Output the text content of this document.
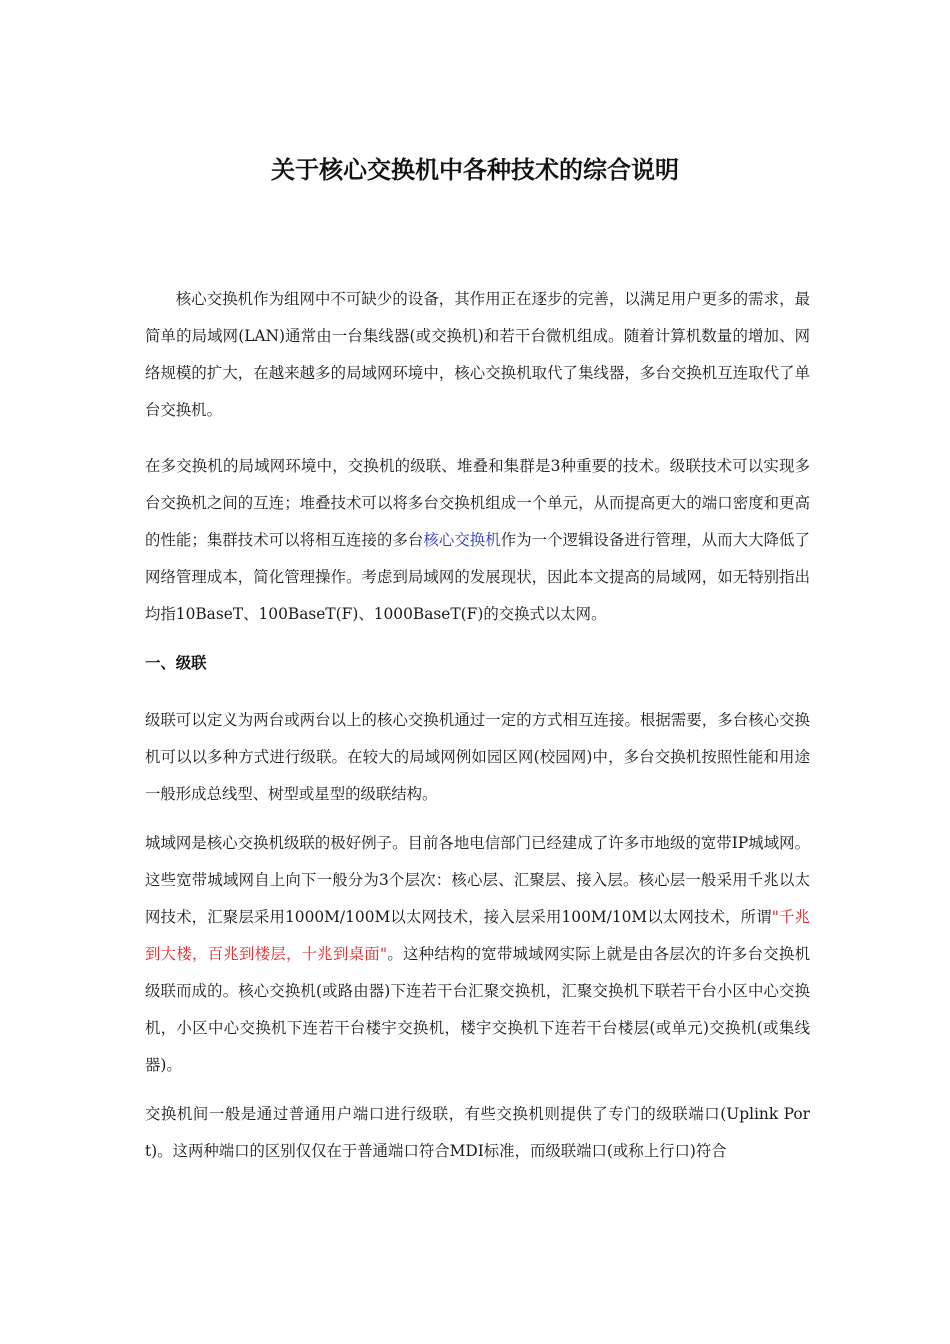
关于核心交换机中各种技术的综合说明

核心交换机作为组网中不可缺少的设备，其作用正在逐步的完善，以满足用户更多的需求，最简单的局域网(LAN)通常由一台集线器(或交换机)和若干台微机组成。随着计算机数量的增加、网络规模的扩大，在越来越多的局域网环境中，核心交换机取代了集线器，多台交换机互连取代了单台交换机。

在多交换机的局域网环境中，交换机的级联、堆叠和集群是3种重要的技术。级联技术可以实现多台交换机之间的互连；堆叠技术可以将多台交换机组成一个单元，从而提高更大的端口密度和更高的性能；集群技术可以将相互连接的多台核心交换机作为一个逻辑设备进行管理，从而大大降低了网络管理成本，简化管理操作。考虑到局域网的发展现状，因此本文提高的局域网，如无特别指出均指10BaseT、100BaseT(F)、1000BaseT(F)的交换式以太网。

一、级联

级联可以定义为两台或两台以上的核心交换机通过一定的方式相互连接。根据需要，多台核心交换机可以以多种方式进行级联。在较大的局域网例如园区网(校园网)中，多台交换机按照性能和用途一般形成总线型、树型或星型的级联结构。

城域网是核心交换机级联的极好例子。目前各地电信部门已经建成了许多市地级的宽带IP城域网。这些宽带城域网自上向下一般分为3个层次：核心层、汇聚层、接入层。核心层一般采用千兆以太网技术，汇聚层采用1000M/100M以太网技术，接入层采用100M/10M以太网技术，所谓"千兆到大楼，百兆到楼层，十兆到桌面"。这种结构的宽带城域网实际上就是由各层次的许多台交换机级联而成的。核心交换机(或路由器)下连若干台汇聚交换机，汇聚交换机下联若干台小区中心交换机，小区中心交换机下连若干台楼宇交换机，楼宇交换机下连若干台楼层(或单元)交换机(或集线器)。

交换机间一般是通过普通用户端口进行级联，有些交换机则提供了专门的级联端口(Uplink Port)。这两种端口的区别仅仅在于普通端口符合MDI标准，而级联端口(或称上行口)符合
